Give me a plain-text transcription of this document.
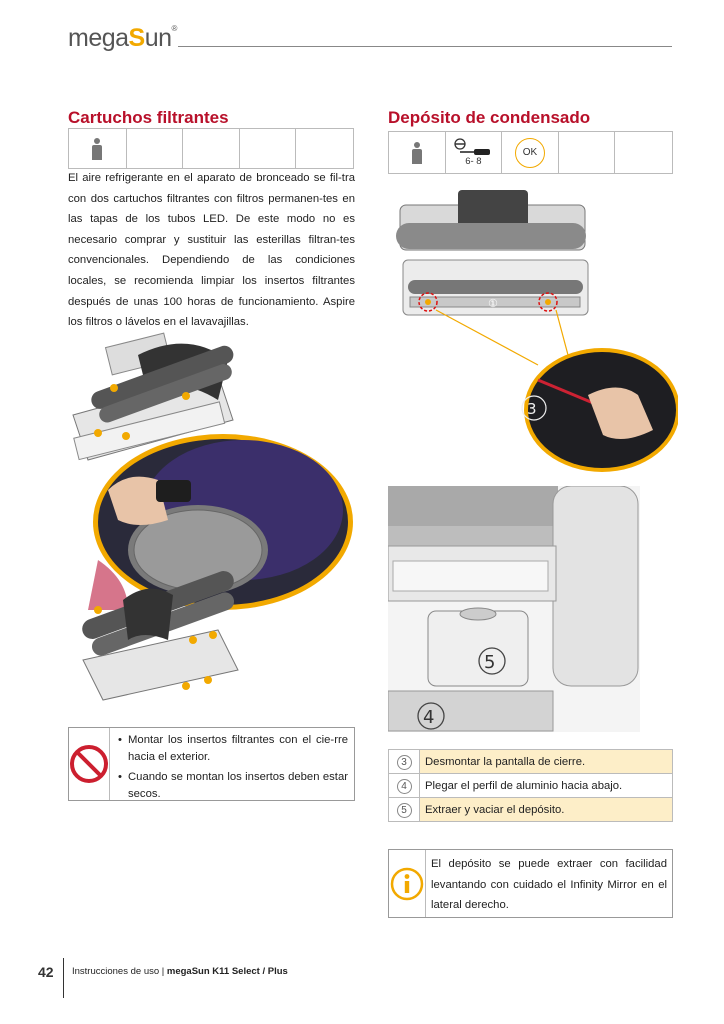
megaSun®
Cartuchos filtrantes
El aire refrigerante en el aparato de bronceado se fil-tra con dos cartuchos filtrantes con filtros permanen-tes en las tapas de los tubos LED. De este modo no es necesario comprar y sustituir las esterillas filtran-tes convencionales. Dependiendo de las condiciones locales, se recomienda limpiar los insertos filtrantes después de unas 100 horas de funcionamiento. Aspire los filtros o lávelos en el lavavajillas.
• Montar los insertos filtrantes con el cie-rre hacia el exterior.
• Cuando se montan los insertos deben estar secos.
Depósito de condensado
6- 8
OK
①
3
5
4
3	Desmontar la pantalla de cierre.
4	Plegar el perfil de aluminio hacia abajo.
5	Extraer y vaciar el depósito.

El depósito se puede extraer con facilidad levantando con cuidado el Infinity Mirror en el lateral derecho.

42 Instrucciones de uso | megaSun K11 Select / Plus
